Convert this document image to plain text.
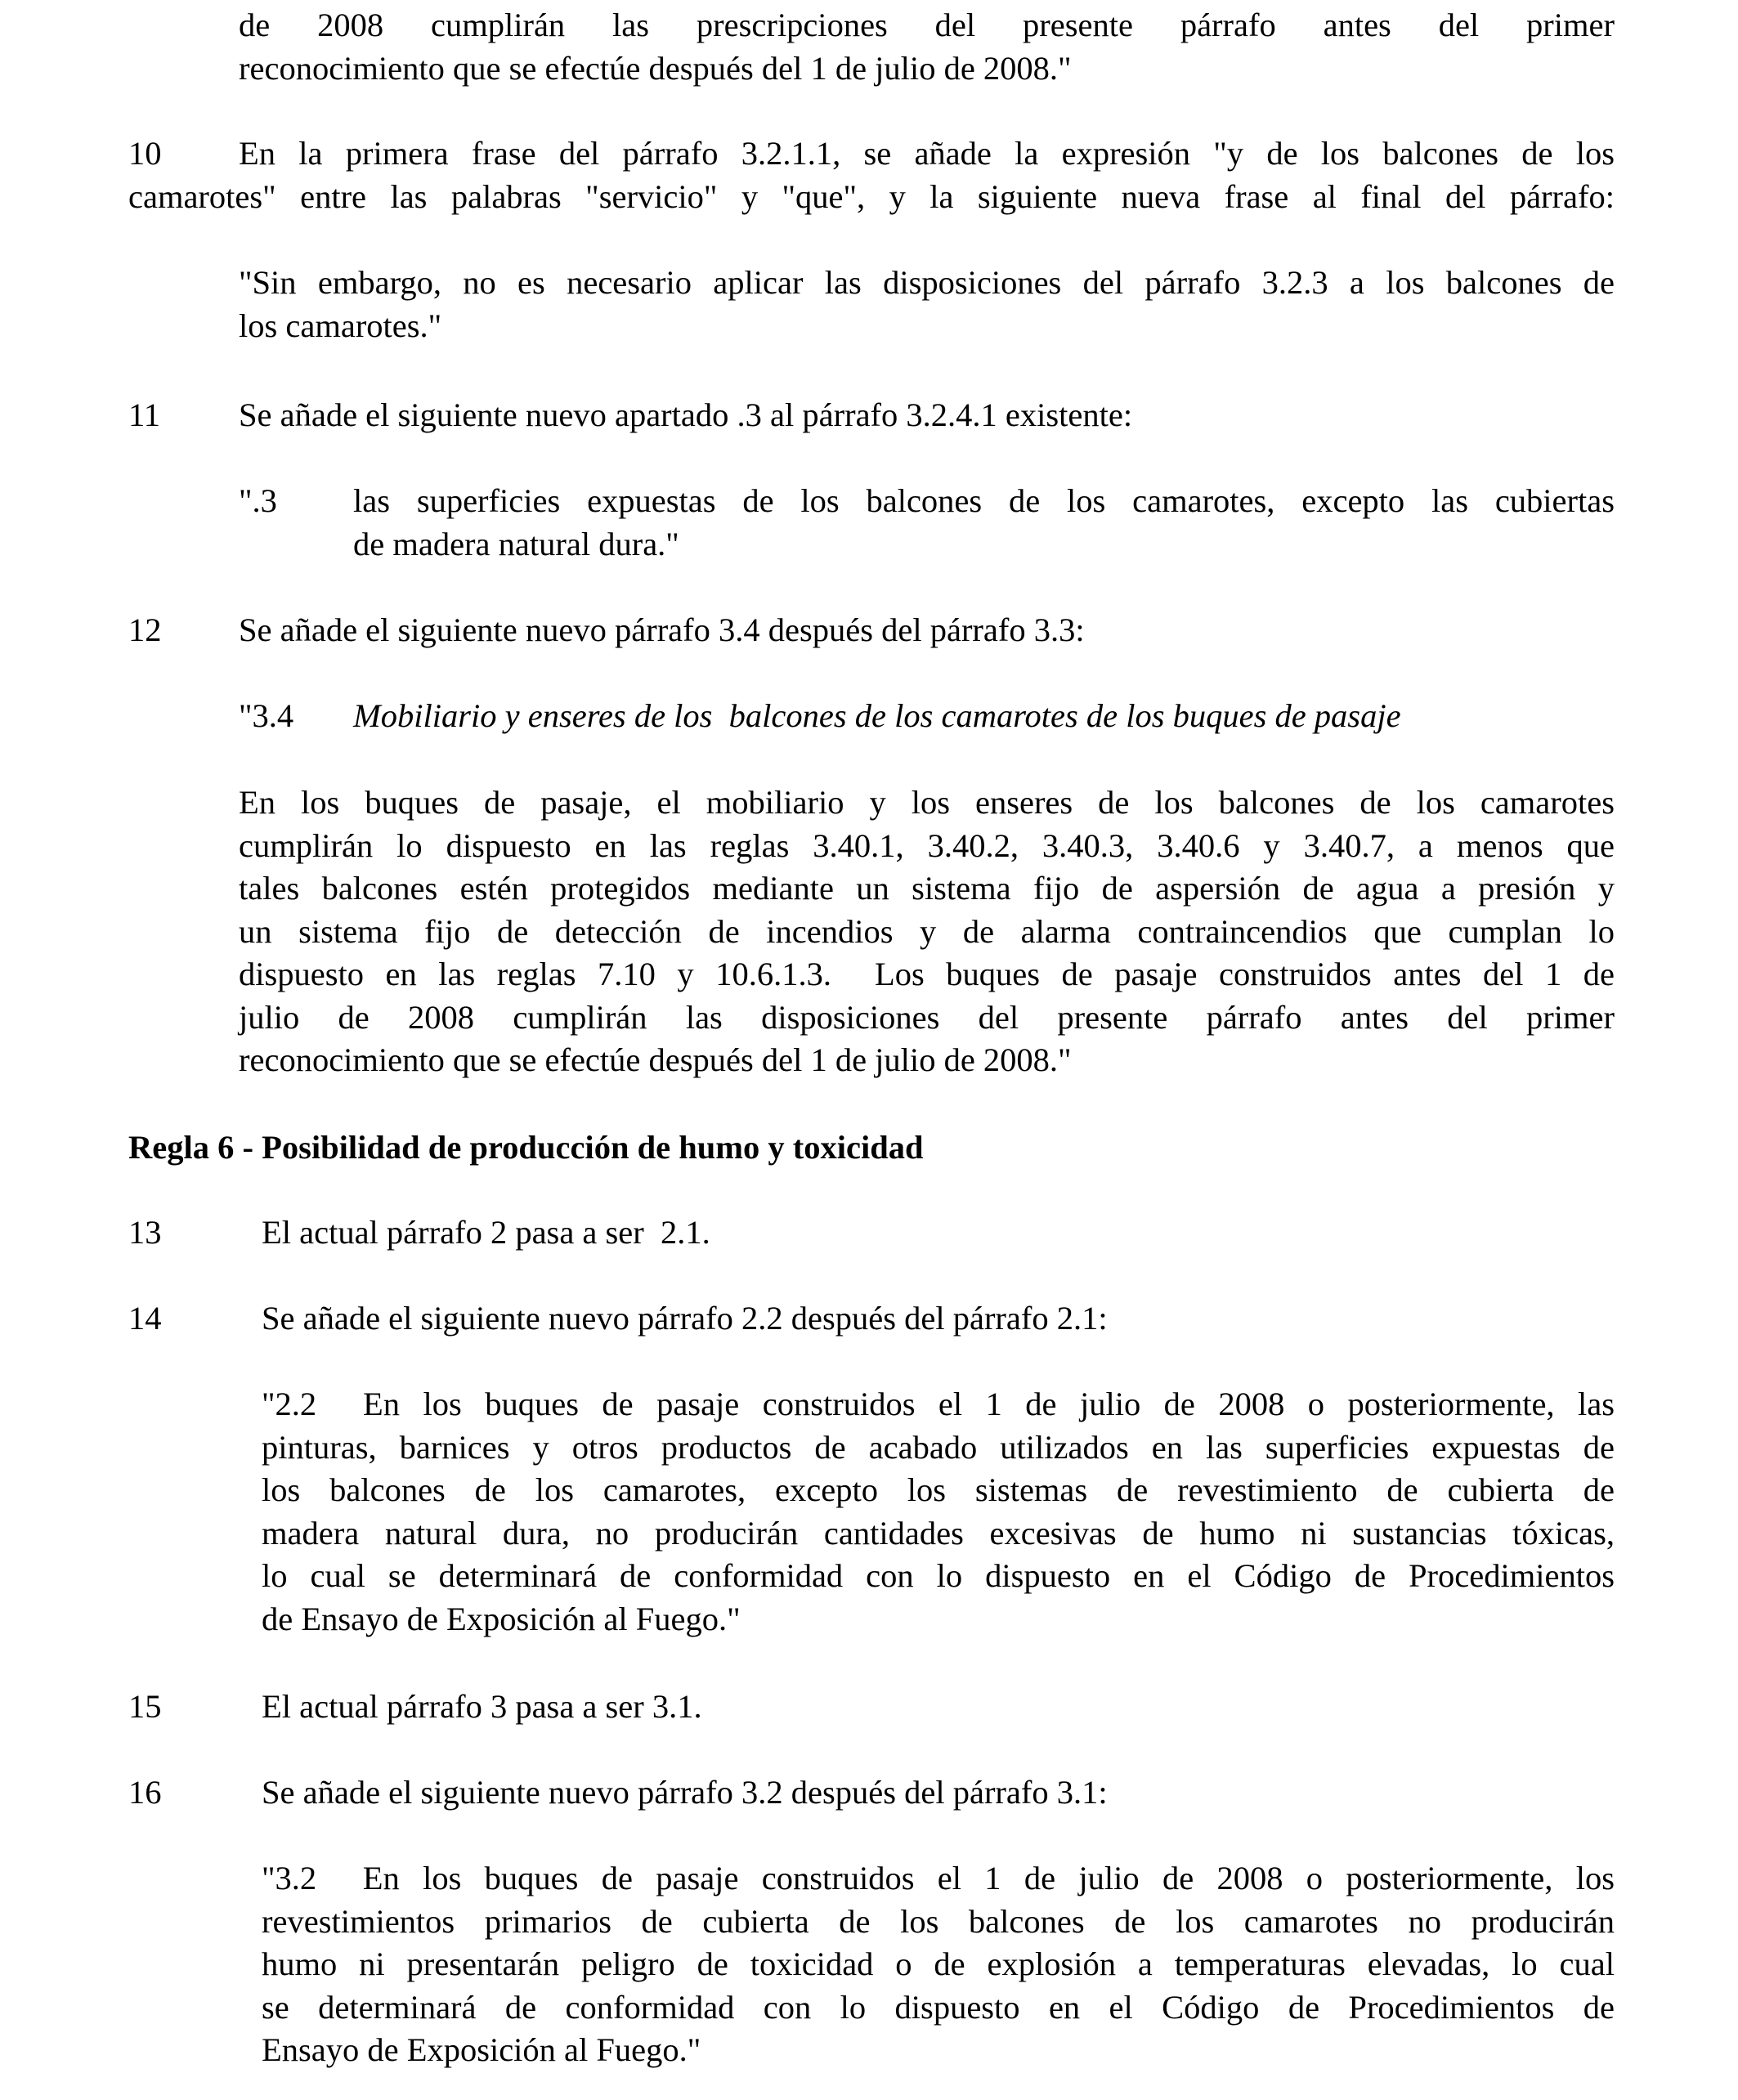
de 2008 cumplirán las prescripciones del presente párrafo antes del primer
reconocimiento que se efectúe después del 1 de julio de 2008."
10	En la primera frase del párrafo 3.2.1.1, se añade la expresión "y de los balcones de los
camarotes" entre las palabras "servicio" y "que", y la siguiente nueva frase al final del párrafo:
"Sin embargo, no es necesario aplicar las disposiciones del párrafo 3.2.3 a los balcones de
los camarotes."
11 Se añade el siguiente nuevo apartado .3 al párrafo 3.2.4.1 existente:
".3 las superficies expuestas de los balcones de los camarotes, excepto las cubiertas
de madera natural dura."
12 Se añade el siguiente nuevo párrafo 3.4 después del párrafo 3.3:
"3.4 Mobiliario y enseres de los  balcones de los camarotes de los buques de pasaje
En los buques de pasaje, el mobiliario y los enseres de los balcones de los camarotes
cumplirán lo dispuesto en las reglas 3.40.1, 3.40.2, 3.40.3, 3.40.6 y 3.40.7, a menos que
tales balcones estén protegidos mediante un sistema fijo de aspersión de agua a presión y
un sistema fijo de detección de incendios y de alarma contraincendios que cumplan lo
dispuesto en las reglas 7.10 y 10.6.1.3.  Los buques de pasaje construidos antes del 1 de
julio de 2008 cumplirán las disposiciones del presente párrafo antes del primer
reconocimiento que se efectúe después del 1 de julio de 2008."
Regla 6 - Posibilidad de producción de humo y toxicidad
13	El actual párrafo 2 pasa a ser  2.1.
14	Se añade el siguiente nuevo párrafo 2.2 después del párrafo 2.1:
"2.2  En los buques de pasaje construidos el 1 de julio de 2008 o posteriormente, las
pinturas, barnices y otros productos de acabado utilizados en las superficies expuestas de
los balcones de los camarotes, excepto los sistemas de revestimiento de cubierta de
madera natural dura, no producirán cantidades excesivas de humo ni sustancias tóxicas,
lo cual se determinará de conformidad con lo dispuesto en el Código de Procedimientos
de Ensayo de Exposición al Fuego."
15	El actual párrafo 3 pasa a ser 3.1.
16	Se añade el siguiente nuevo párrafo 3.2 después del párrafo 3.1:
"3.2  En los buques de pasaje construidos el 1 de julio de 2008 o posteriormente, los
revestimientos primarios de cubierta de los balcones de los camarotes no producirán
humo ni presentarán peligro de toxicidad o de explosión a temperaturas elevadas, lo cual
se determinará de conformidad con lo dispuesto en el Código de Procedimientos de
Ensayo de Exposición al Fuego."
